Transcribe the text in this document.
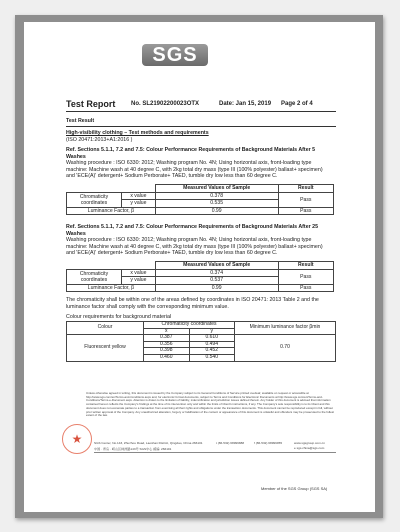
SGS
Test Report	No. SL21902200023OTX	Date: Jan 15, 2019 Page 2 of 4
Test Result
High-visibility clothing – Test methods and requirements
(ISO 20471:2013+A1:2016 )
Ref. Sections 5.1.1, 7.2 and 7.5: Colour Performance Requirements of Background Materials After 5
Washes
Washing procedure : ISO 6330: 2012; Washing program No. 4N; Using horizontal axis, front-loading type
machine: Machine wash at 40 degree C, with 2kg total dry mass (type III (100% polyester) ballast+ specimen)
and 'ECE(A)' detergent+ Sodium Perborate+ TAED, tumble dry low less than 60 degree C.
		Measured Values of Sample	Result
Chromaticity coordinates	x value	0.378	Pass
	y value	0.535	
Luminance Factor, β		0.99	Pass
Ref. Sections 5.1.1, 7.2 and 7.5: Colour Performance Requirements of Background Materials After 25
Washes
Washing procedure : ISO 6330: 2012; Washing program No. 4N; Using horizontal axis, front-loading type
machine: Machine wash at 40 degree C, with 2kg total dry mass (type III (100% polyester) ballast+ specimen)
and 'ECE(A)' detergent+ Sodium Perborate+ TAED, tumble dry low less than 60 degree C.
		Measured Values of Sample	Result
Chromaticity coordinates	x value	0.374	Pass
	y value	0.537	
Luminance Factor, β		0.99	Pass
The chromaticity shall be within one of the areas defined by coordinates in ISO 20471: 2013 Table 2 and the
luminance factor shall comply with the corresponding minimum value.
Colour requirements for background material
Colour	Chromaticity coordinates		Minimum luminance factor βmin
	x	y	
Fluorescent yellow	0.387	0.610	0.70
	0.356	0.494	
	0.398	0.452	
	0.460	0.540	
Unless otherwise agreed in writing, this document is issued by the Company subject to its General Conditions of Service printed overleaf, available on request or accessible at http://www.sgs.com/en/Terms-and-Conditions.aspx and, for electronic format documents, subject to Terms and Conditions for Electronic Documents at http://www.sgs.com/en/Terms-and-Conditions/Terms-e-Document.aspx. Attention is drawn to the limitation of liability, indemnification and jurisdiction issues defined therein. Any holder of this document is advised that information contained hereon reflects the Company's findings at the time of its intervention only and within the limits of Client's instructions, if any. The Company's sole responsibility is to its Client and this document does not exonerate parties to a transaction from exercising all their rights and obligations under the transaction documents. This document cannot be reproduced except in full, without prior written approval of the Company. Any unauthorized alteration, forgery or falsification of the content or appearance of this document is unlawful and offenders may be prosecuted to the fullest extent of the law.
★	SGS Center, No.143, Zhuzhou Road, Laoshan District, Qingdao, China 266101	t (86-532) 68999888	f (86-532) 68999955	www.sgsgroup.com.cn
中国 · 青岛 · 崂山区株洲路143号 SGS中心 邮编: 266101	e sgs.china@sgs.com
Member of the SGS Group (SGS SA)
